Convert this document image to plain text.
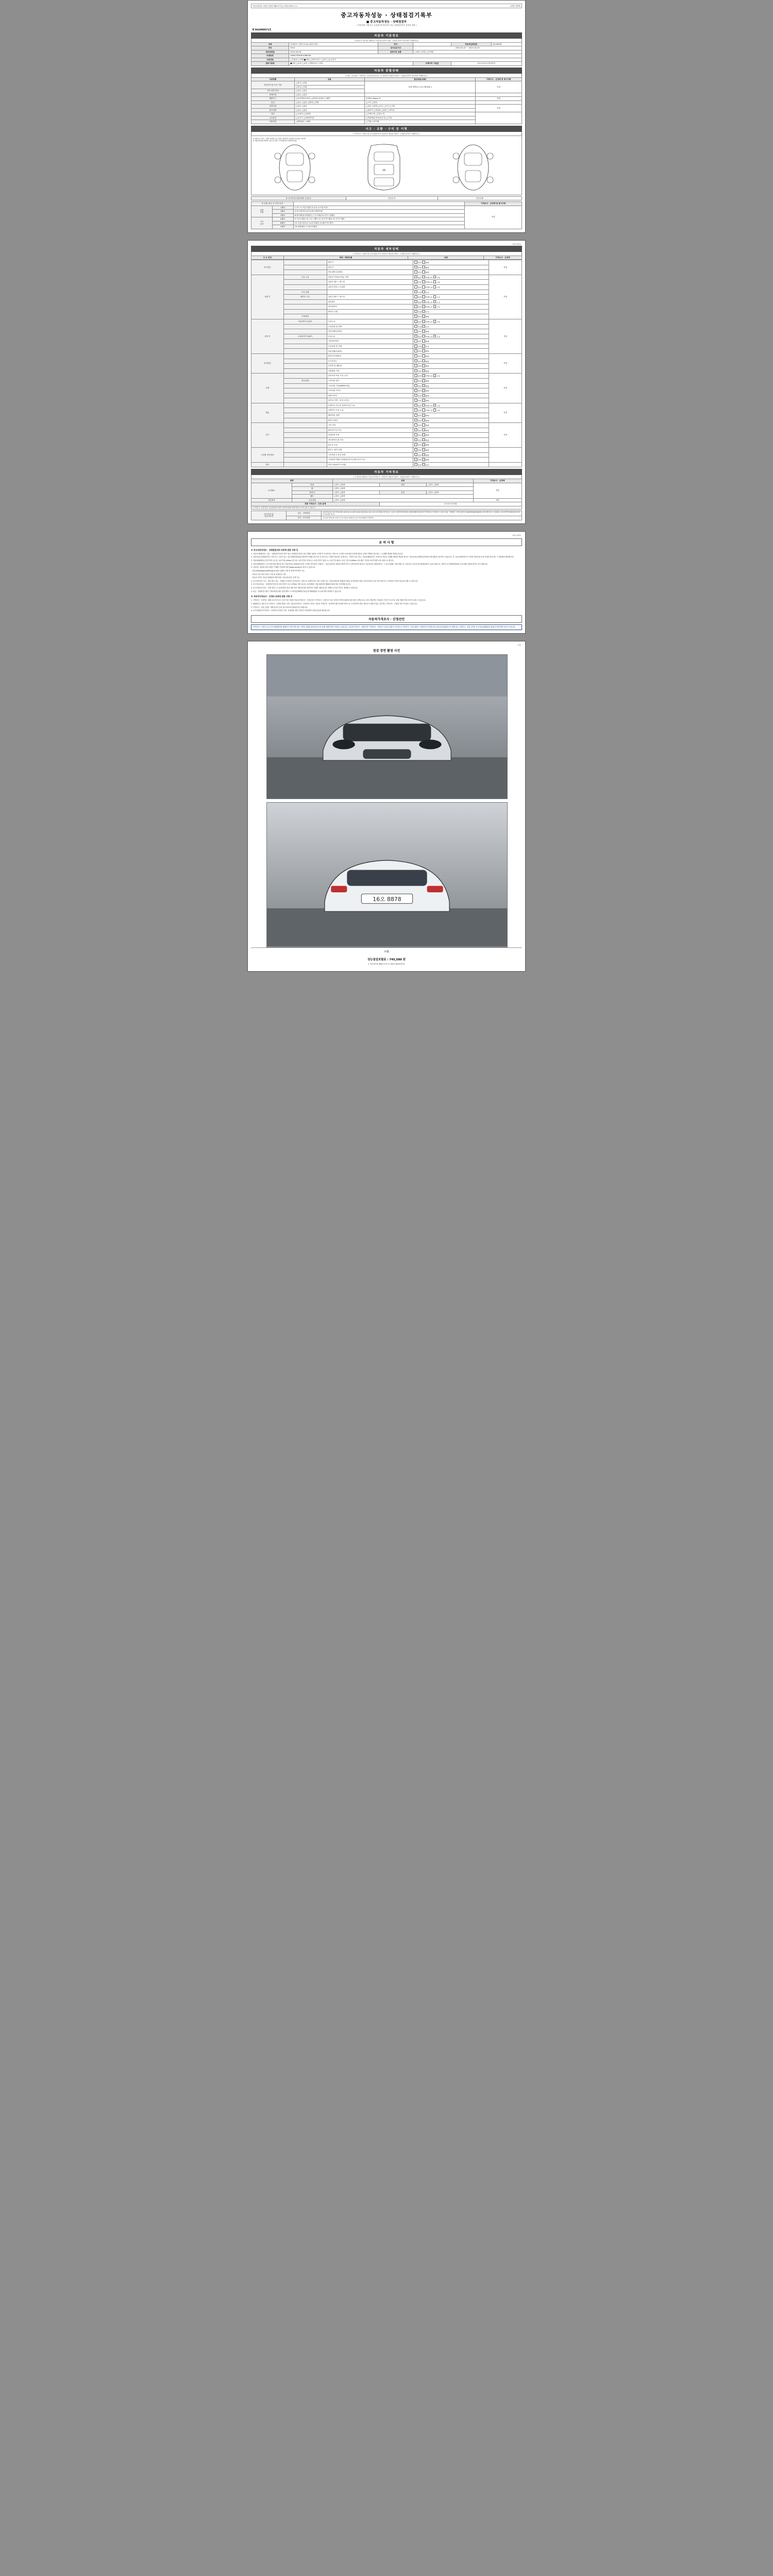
자동차관리법 시행규칙 [별지 제82호서식] <개정 2023.1.1.>	(3쪽중 제1쪽)
중고자동차성능 · 상태점검기록부
■ 중고자동차성능 · 상태점검부
( 자동차를 거래 또는 수입할 때 자동차가 성능·상태점검자가 점검한 내용 )
제 962000071호
자동차 기본정보
(자동차의 기본적인 제원이나 자동차등록증의 내용 · 신청을 통하여 경우에만 기재합니다)
차명	마세라티 기블리 S Q4 (세부모델 )	연식		자동차등록번호	16오8878
연식	2014	검사유효기간	2025-02-01 ~ 2027-02-02		
최초등록일	2014-04-16	검색사진 등록	□정상 □미흡 □부적합		
차대번호	ZAM57RTA9E1086436				
사용연료	□가솔린 □디젤 ■LPG □하이브리드 □전기 □수소전기				
변속기종류	■자동 □수동 □무단 □세미오토 □기타		주행거리 기준값	0 0 0 0 0 0 킬로미터	
자동차 종합상태
( 사용 · 주요골조 · 가격조사 · 산정가 통지기록 · 등 점검자가 제공한 내역은 · 신청을 통하여 경우에만 기재합니다 )
사용현황	내용	점검내용(상태)	가격조사 · 산정액 및 특기사항
전정가치 및 특기 사항	□정상 □미흡	현재 계측치 [ 117,397Km ]	적정
	□정상 □미흡		
기타 장착 정보	□있음 □없음		
차체사항	□있음 □없음		
배출가스	□일산화탄소(CO) □탄화수소(HC) □매연	0.00% %ppm %	적정
튜닝	□있음 □없음 □불법 □적법	□구조 □장치	
특별이력	□있음 □없음	□침수 □화재 □전손 □도난 □기타	적정
용도변경	□있음 □없음	□렌터카 □영업용 □관용 □자가용	
색상	□무채색 □유채색	□전체도색 □부분도색	
주요옵션	□선루프 □내비게이션	□에어백(운전석/동승석) □기타	
리콜대상	□해당없음 □해당	□이행 □미이행	
사고 · 교환 · 수리 등 이력
( 가격조사 · 산정가 및 특기사항을 하여 점검자가 제공한 내역은 · 신청을 통하여 기재합니다 )
※ 상태 표시 부호 : (교환), X(판금 또는 용접 ), W(부식), C(흠집), A(요철), U(손상)
※ 차량 앞부분을 좌측에 기준으로 하며, 각 부위별 번호 상세부위 참조
16
※ 사고이력 (외부/내부 수입도)	단순수리	단순교환
※ 교환, 판금 등 이상 부위			가격조사 · 산정액 및 특기사항
외판
부위	1랭크	1.후드 2.프론트펜더 3.도어 4.트렁크리드	적정
	2랭크	5.라디에이터서포트(볼트체결부품)	
	3랭크	6.쿼터패널(리어펜더) 7.루프패널 8.사이드실패널	
주요
골격	A랭크	9.프론트패널 10.크로스멤버 11.인사이드패널 12.사이드멤버	
	B랭크	13.트렁크플로어 14.리어패널 15.패키지트레이	
	C랭크	16.대쉬패널 17.플로어패널	
(3쪽중 제2쪽)
자동차 세부상태
( 가격조사 · 산정가 및 특기사항을 하여 점검자가 제공한 내역은 · 신청을 통하여 기재합니다 )
주 요 장치	항목 / 해당부품	상태	가격조사 · 산정액
자기진단		원동기	양호 불량	적정
		변속기	양호 불량	
		작동상태 (공회전)	양호 불량	
원동기	오일 누유	실린더 커버(로커암) 커버	없음 미세누유 누유	적정
		실린더 헤드 / 개스킷	없음 미세누유 누유	
		실린더 블록 / 오일팬	없음 미세누유 누유	
	오일 유량		적정 부족	
	냉각수 누수	실린더 헤드 / 개스킷	없음 미세누수 누수	
		워터펌프	없음 미세누수 누수	
		라디에이터	없음 미세누수 누수	
		냉각수 수량	적정 부족	
	커먼레일		양호 불량	
변속기	자동변속기 (A/T)	오일누유	없음 미세누유 누유	적정
		오일유량 및 상태	적정 부족	
		작동상태(공회전)	양호 불량	
	수동변속기 (M/T)	오일누유	없음 미세누유 누유	
		기어변속장치	양호 불량	
		오일유량 및 상태	적정 부족	
		작동상태(공회전)	양호 불량	
동력전달		클러치 어셈블리	양호 불량	적정
		등속조인트	양호 불량	
		추진축 및 베어링	양호 불량	
		디퍼렌셜 기어	양호 불량	
조향		동력조향 작동 오일 누유	없음 미세누유 누유	적정
	작동상태	스티어링 펌프	양호 불량	
		스티어링 기어(MDPS포함)	양호 불량	
		스티어링 조인트	양호 불량	
		파워크러치	양호 불량	
		타이로드엔드 및 볼 조인트	양호 불량	
제동		브레이크 마스터 실린더오일 누유	없음 미세누유 누유	적정
		브레이크 오일 누유	없음 미세누유 누유	
		배력장치 상태	양호 불량	
		발전기 출력	양호 불량	
전기		시동 모터	양호 불량	적정
		와이퍼 모터 기능	양호 불량	
		실내송풍 모터	양호 불량	
		라디에이터 팬 모터	양호 불량	
		윈도우 모터	양호 불량	
고전원 전기장치		충전구 절연 상태	양호 불량	
		구동축전지 격리 상태	양호 불량	
		고전원전기배선 상태(접속단자,피복,보호기구)	양호 불량	
연료		연료누출(LP가스포함)	없음 있음	
자동차 기타정보
( 기 항목을 제외하고 자동차가격조사 · 산정자가 제공한 내역은 · 신청을 통하여 기재합니다 )
항목		상태			가격조사 · 산정액
수리필요	외장	□양호 □불량	내장	□양호 □불량	적정
	휠	□양호 □불량			
	타이어	□양호 □불량	유리	□양호 □불량	
	康트	□양호 □불량			
기본품목	보유상태	□양호 □불량			적정
최종 가격조사 · 산정 금액			0 0 0 0 0 만원		
※ 가격조사 · 산정가격은 성능점검자의 주관적 가격이며 실제 거래가격과는 차이가 있을 수 있습니다.					
특기사항 및
점검자의견	성능 · 상태점검	보험사역(보상) 내역 이력4-5월 (105,0 61.5)(보험) (2019 4월-4월,12,411) (10 (보상 4월)(보상 정보보 ) 보증이 보험처리내역조회는(손해보험협회 접속)하신 후 확인하시기 바랍니다. 보험 년 없음 · 상태점검 · 차량 등록번호 ZAM57RTA9E1086436 조회 내역입니다. 보증범위는 자동차관리법 제58조의4 에 따른 보증범위 입니다.
	검사 · 조사인원	성능점검 책임보험 보상기간 1년/ 2만km 확대보증 보장 745,580원(부가세포함)
(3쪽중 제3쪽)
유 의 사 항
※ 중고자동차성능 · 상태점검자의 보증에 관한 사항 등

1. 자동차 매매업자는 성능 · 상태점검기록부(이하 "성능 상태점검기록부")에 기재된 내용을 고지하지 아니하거나 거짓으로 고지함으로써 매수인에게 재산상 손해가 발생한 경우에는 그 손해를 배상할 책임을 집니다.

2. 자동차성능상태점검자가 거짓 또는 오류가 있는 성능상태점검내용을 제공하여 매매 보증기간 중 성능가능 이내에 자동차의 실제 성능 · 상태가 다른 경우, 자동차매매업자는 하자보증 처리로 손해를 배상할 책임을 집니다. 자동차성능상태점검자에게 손해 배상을 청구할 수 있습니다. 단, 성능상태점검자가 기입한 책임보험 등에 가입한 경우에는 그 범위에서 배상합니다.

3. 자동차매매업에 등록기간은 (공·일, 보증거리) (30km) 입니다. 보증기간의 중복시는 (보증기간이 있을 시), 보증기간 30일 / 보증 거리 2,000km 보다 짧은 기간과 보증거리를 보증 내용으로 합니다.

4. 자동차매매업자는 중고자동차를 매수한 경우 자동차성능상태점검기록부 고지를 하여 확인 기재하는 · 성능점검자의 설명에 대하여 반드시 확인하셔야 합니다. 자동차성능상태점검자는 그 성능상태를 기재 하였는지, 자동차가 등록상 용도변경(렌터카 등)과 되었는지, 법적인 보기법령명령권한 등에 대해 고충을 줄여주시기 바랍니다.

5. 자동차는 관련된 관련 내용은 아래의 기관에서 확인(www.car.go.kr) 하실 수 있습니다.

- 자동차365(www.car365.go.kr)에서 실제로 조회 및 정비이력 확인 가능

- 자동차 이력 조회 서비스 조회 및 보험처리 이력

- 자동차 이력은 자동차 매매업자 확인사항 / 자동차등록증 검색 가능

2. 중고자동차의 구조 · 장치 별로 성능 · 상태를 고지하지 아니하거나, 거짓으로 점검하거나 거짓 고지한 자는 (자동차관리법 제 80조 제3호 및 제7항의 허위 고지에 따라서 2년 이하 징역 또는 2천만원 이하의 벌금)에 처할 수 있습니다.

3. 중고자동차성능 · 상태점검기록부의 보증기간은 1년 / 2만km 이내 입니다. 보증범위는 자동차관리법 제58조의4에 따른 보증범위 입니다.

4. 중고자동차의 성능 · 상태 점검 시 소유자(매도인)의 차량 정보 제공에 따라 점검자가 기재한 내용입니다. 차량의 은닉된 하자는 제외될 수 있습니다.

5. 성능 · 상태점검기록부 기재사항에 대한 분쟁 발생 시 소비자분쟁해결기준(공정거래위원회 고시)에 따라 처리할 수 있습니다.

※ 자동차가격조사 · 산정의 보증에 관한 사항 등

1. 가격조사 · 산정자는 매매 보증기간 또는 보증거리 이내에 자동차가격조사 · 산정(이하 "가격조사 · 산정")은 부분 전간에 가격에 내용에 따라 정한 금액입니다. 다만, 객관적인 가치판단 기준이 아니므로 실제 거래가격과 차이가 있을 수 있습니다.

2. 매매업자는 매수인이 가격조사 · 산정을 원하는 경우 자동차가격조사 · 산정자로 하여금 자동차 가격조사 · 산정하여 매수인에게 서면으로 고지하여야 하며, 매수인이 원하지 않는 경우에는 가격조사 · 산정을 하지 아니할 수 있습니다.

3. 가격조사 · 산정 금액은 거래 당사자 간의 참고자료로만 활용하시기 바랍니다.

4. 특기사항란에 가격조사 · 산정자의 의견을 기재 · 상세내용 대한 기재 및 상세설명이 관계 없음을 확인합니다.

자동차가격조사 · 산정선언

"가격조사 · 산정"은 실시기가 매매계약을 체결하기 전에 일반 최근 가격의 객관적 판단에 있으며 실제 거래가격과 상이할 수 있습니다. 자동차가격조사 · 산정(이하 "가격조사 · 산정")은 보증의 대상이 아니며, 본 가격조사 · 산정 내용은 구매자의 의사결정 참고자료로만 활용하시기 바랍니다. 가격조사 · 산정 금액은 중고자동차매매업자 판매 가격에 대한 보증이 아닙니다.

(4쪽)
점검 장면 촬영 사진
16오 8878
서명
성능점검보험료 : 745,580 원
※ "자동차관리법_제58조 및 같은 법 시행규칙 제120조에 따라
